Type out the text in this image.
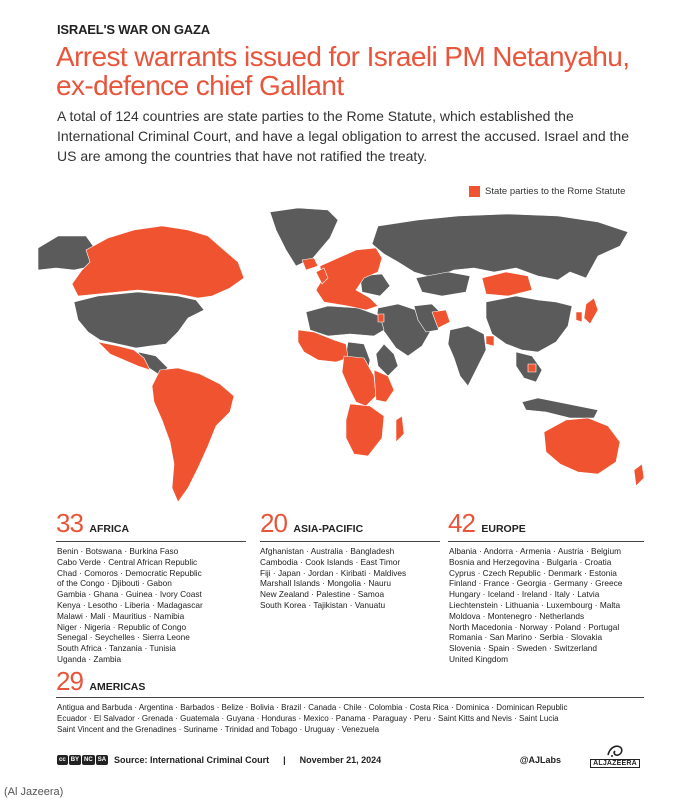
ISRAEL'S WAR ON GAZA
Arrest warrants issued for Israeli PM Netanyahu, ex-defence chief Gallant
A total of 124 countries are state parties to the Rome Statute, which established the International Criminal Court, and have a legal obligation to arrest the accused. Israel and the US are among the countries that have not ratified the treaty.
State parties to the Rome Statute
33 AFRICA
Benin · Botswana · Burkina Faso
Cabo Verde · Central African Republic
Chad · Comoros · Democratic Republic
of the Congo · Djibouti · Gabon
Gambia · Ghana · Guinea · Ivory Coast
Kenya · Lesotho · Liberia · Madagascar
Malawi · Mali · Mauritius · Namibia
Niger · Nigeria · Republic of Congo
Senegal · Seychelles · Sierra Leone
South Africa · Tanzania · Tunisia
Uganda · Zambia
20 ASIA-PACIFIC
Afghanistan · Australia · Bangladesh
Cambodia · Cook Islands · East Timor
Fiji · Japan · Jordan · Kiribati · Maldives
Marshall Islands · Mongolia · Nauru
New Zealand · Palestine · Samoa
South Korea · Tajikistan · Vanuatu
42 EUROPE
Albania · Andorra · Armenia · Austria · Belgium
Bosnia and Herzegovina · Bulgaria · Croatia
Cyprus · Czech Republic · Denmark · Estonia
Finland · France · Georgia · Germany · Greece
Hungary · Iceland · Ireland · Italy · Latvia
Liechtenstein · Lithuania · Luxembourg · Malta
Moldova · Montenegro · Netherlands
North Macedonia · Norway · Poland · Portugal
Romania · San Marino · Serbia · Slovakia
Slovenia · Spain · Sweden · Switzerland
United Kingdom
29 AMERICAS
Antigua and Barbuda · Argentina · Barbados · Belize · Bolivia · Brazil · Canada · Chile · Colombia · Costa Rica · Dominica · Dominican Republic
Ecuador · El Salvador · Grenada · Guatemala · Guyana · Honduras · Mexico · Panama · Paraguay · Peru · Saint Kitts and Nevis · Saint Lucia
Saint Vincent and the Grenadines · Suriname · Trinidad and Tobago · Uruguay · Venezuela
cc BY NC SA Source: International Criminal Court | November 21, 2024	@AJLabs	ALJAZEERA
(Al Jazeera)
